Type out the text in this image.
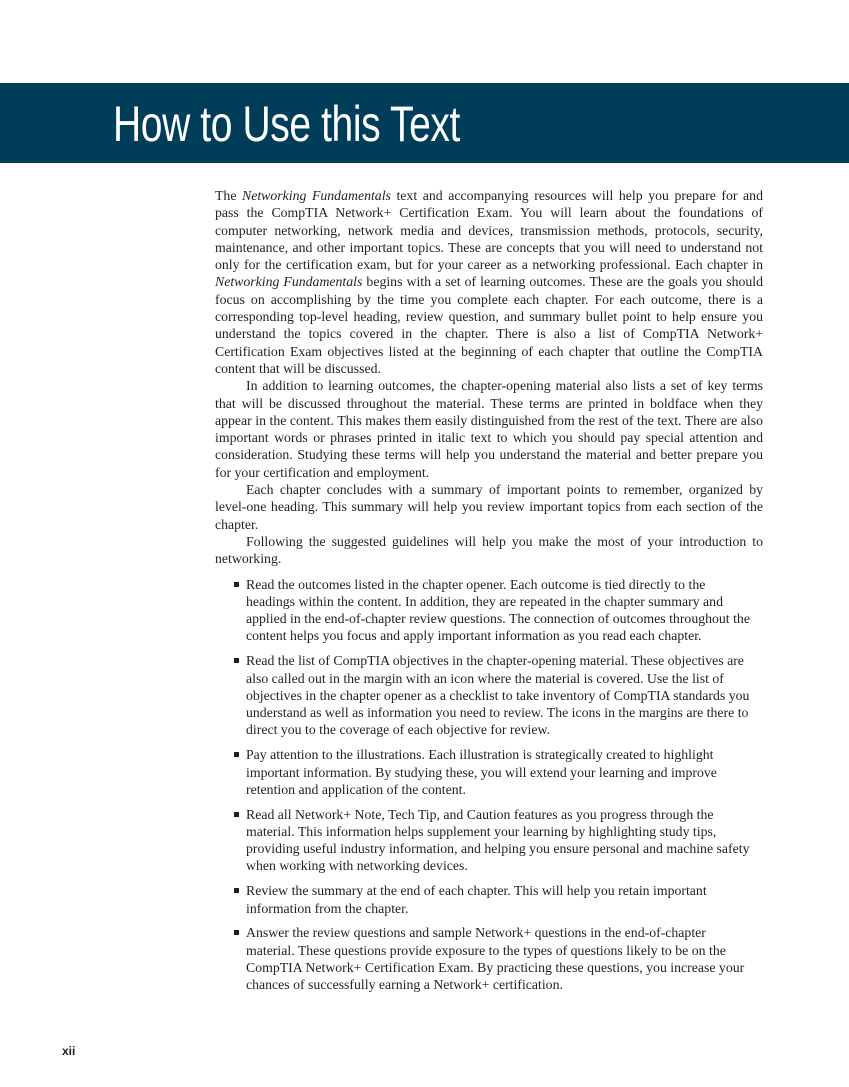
How to Use this Text

The Networking Fundamentals text and accompanying resources will help you prepare for and pass the CompTIA Network+ Certification Exam. You will learn about the foundations of computer networking, network media and devices, transmission methods, protocols, security, maintenance, and other important topics. These are concepts that you will need to understand not only for the certification exam, but for your career as a networking professional. Each chapter in Networking Fundamentals begins with a set of learning outcomes. These are the goals you should focus on accomplishing by the time you complete each chapter. For each outcome, there is a corresponding top-level heading, review question, and summary bullet point to help ensure you understand the topics covered in the chapter. There is also a list of CompTIA Network+ Certification Exam objectives listed at the beginning of each chapter that outline the CompTIA content that will be discussed.

In addition to learning outcomes, the chapter-opening material also lists a set of key terms that will be discussed throughout the material. These terms are printed in boldface when they appear in the content. This makes them easily distinguished from the rest of the text. There are also important words or phrases printed in italic text to which you should pay special attention and consideration. Studying these terms will help you understand the material and better prepare you for your certification and employment.

Each chapter concludes with a summary of important points to remember, organized by level-one heading. This summary will help you review important topics from each section of the chapter.

Following the suggested guidelines will help you make the most of your introduction to networking.

Read the outcomes listed in the chapter opener. Each outcome is tied directly to the headings within the content. In addition, they are repeated in the chapter summary and applied in the end-of-chapter review questions. The connection of outcomes throughout the content helps you focus and apply important information as you read each chapter.
Read the list of CompTIA objectives in the chapter-opening material. These objectives are also called out in the margin with an icon where the material is covered. Use the list of objectives in the chapter opener as a checklist to take inventory of CompTIA standards you understand as well as information you need to review. The icons in the margins are there to direct you to the coverage of each objective for review.
Pay attention to the illustrations. Each illustration is strategically created to highlight important information. By studying these, you will extend your learning and improve retention and application of the content.
Read all Network+ Note, Tech Tip, and Caution features as you progress through the material. This information helps supplement your learning by highlighting study tips, providing useful industry information, and helping you ensure personal and machine safety when working with networking devices.
Review the summary at the end of each chapter. This will help you retain important information from the chapter.
Answer the review questions and sample Network+ questions in the end-of-chapter material. These questions provide exposure to the types of questions likely to be on the CompTIA Network+ Certification Exam. By practicing these questions, you increase your chances of successfully earning a Network+ certification.
xii
